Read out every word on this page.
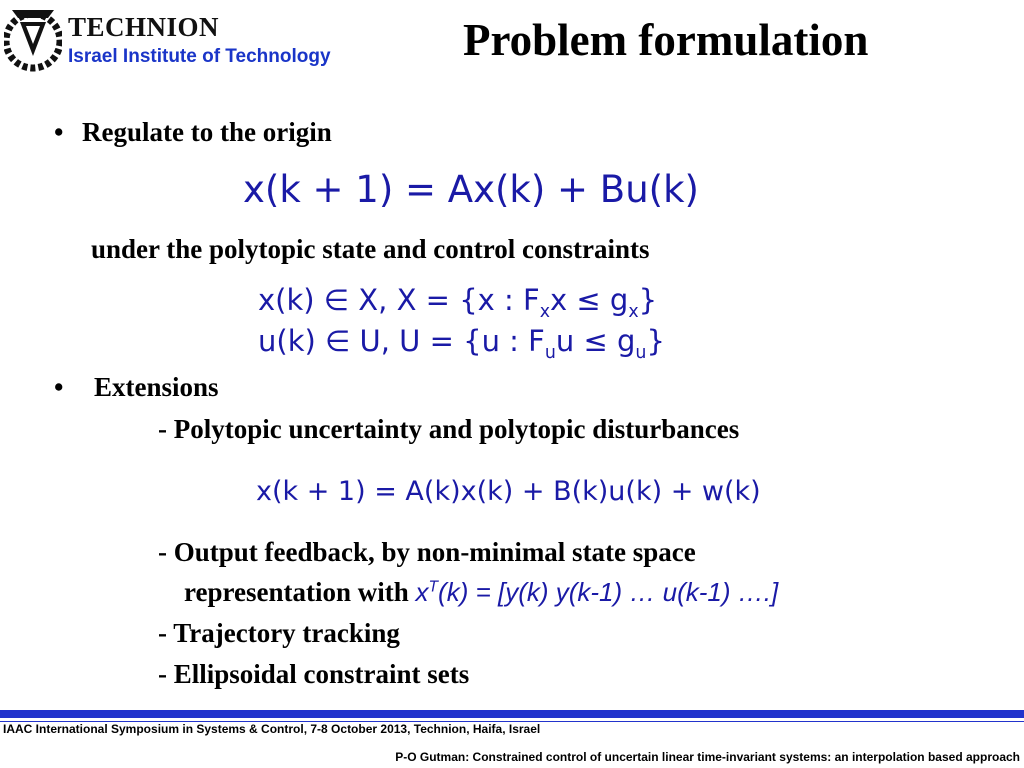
TECHNION
Israel Institute of Technology	Problem formulation
• Regulate to the origin
x(k + 1) = Ax(k) + Bu(k)
under the polytopic state and control constraints
x(k) ∈ X, X = {x : $F_xx \le g_x$}
u(k) ∈ U, U = {u : $F_uu \le g_u$}
• Extensions
- Polytopic uncertainty and polytopic disturbances
x(k + 1) = A(k)x(k) + B(k)u(k) + w(k)
- Output feedback, by non-minimal state space
representation with $x^T(k) = [y(k)$ y(k-1) … u(k-1) ….]
- Trajectory tracking
- Ellipsoidal constraint sets
IAAC International Symposium in Systems & Control, 7-8 October 2013, Technion, Haifa, Israel
P-O Gutman: Constrained control of uncertain linear time-invariant systems: an interpolation based approach
